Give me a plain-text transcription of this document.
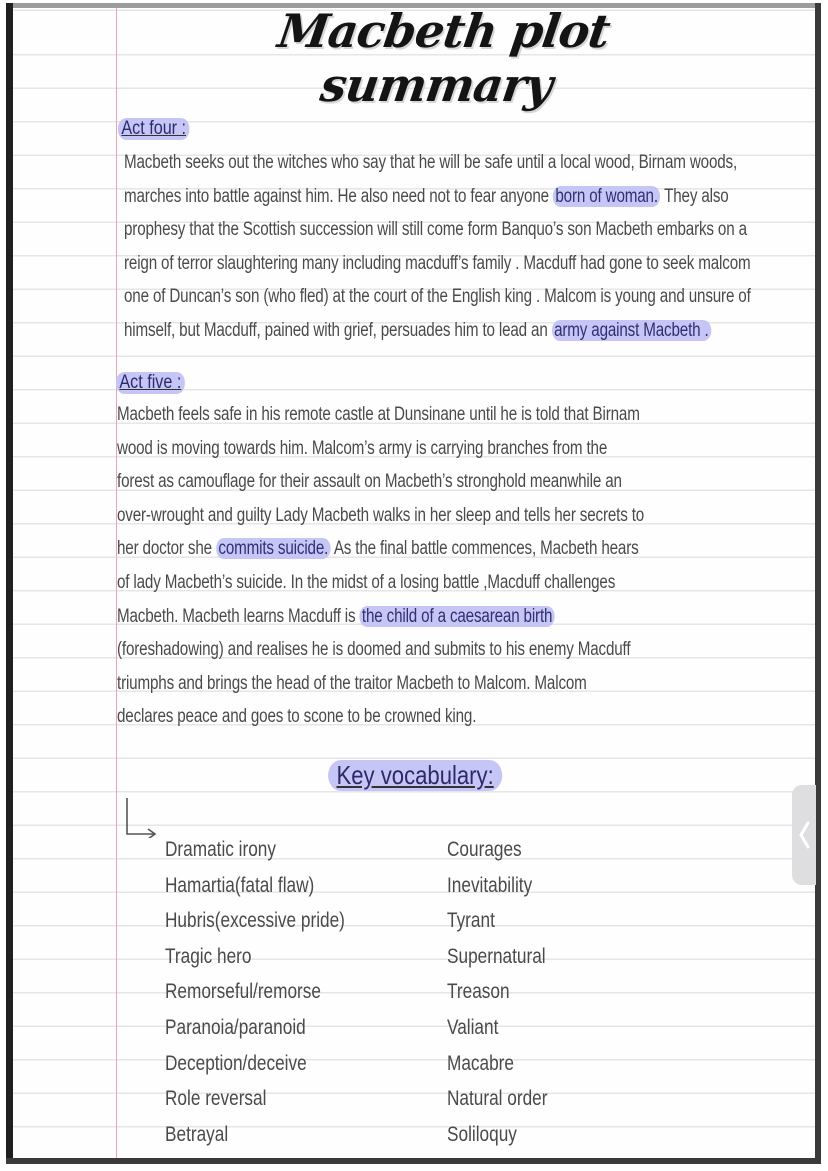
Macbeth plot summary
Act four :
Macbeth seeks out the witches who say that he will be safe until a local wood, Birnam woods,
marches into battle against him. He also need not to fear anyone born of woman. They also
prophesy that the Scottish succession will still come form Banquo’s son Macbeth embarks on a
reign of terror slaughtering many including macduff’s family . Macduff had gone to seek malcom
one of Duncan’s son (who fled) at the court of the English king . Malcom is young and unsure of
himself, but Macduff, pained with grief, persuades him to lead an army against Macbeth .
Act five :
Macbeth feels safe in his remote castle at Dunsinane until he is told that Birnam
wood is moving towards him. Malcom’s army is carrying branches from the
forest as camouflage for their assault on Macbeth’s stronghold meanwhile an
over-wrought and guilty Lady Macbeth walks in her sleep and tells her secrets to
her doctor she commits suicide. As the final battle commences, Macbeth hears
of lady Macbeth’s suicide. In the midst of a losing battle ,Macduff challenges
Macbeth. Macbeth learns Macduff is the child of a caesarean birth
(foreshadowing) and realises he is doomed and submits to his enemy Macduff
triumphs and brings the head of the traitor Macbeth to Malcom. Malcom
declares peace and goes to scone to be crowned king.
Key vocabulary:
Dramatic irony
Hamartia(fatal flaw)
Hubris(excessive pride)
Tragic hero
Remorseful/remorse
Paranoia/paranoid
Deception/deceive
Role reversal
Betrayal
Courages
Inevitability
Tyrant
Supernatural
Treason
Valiant
Macabre
Natural order
Soliloquy
